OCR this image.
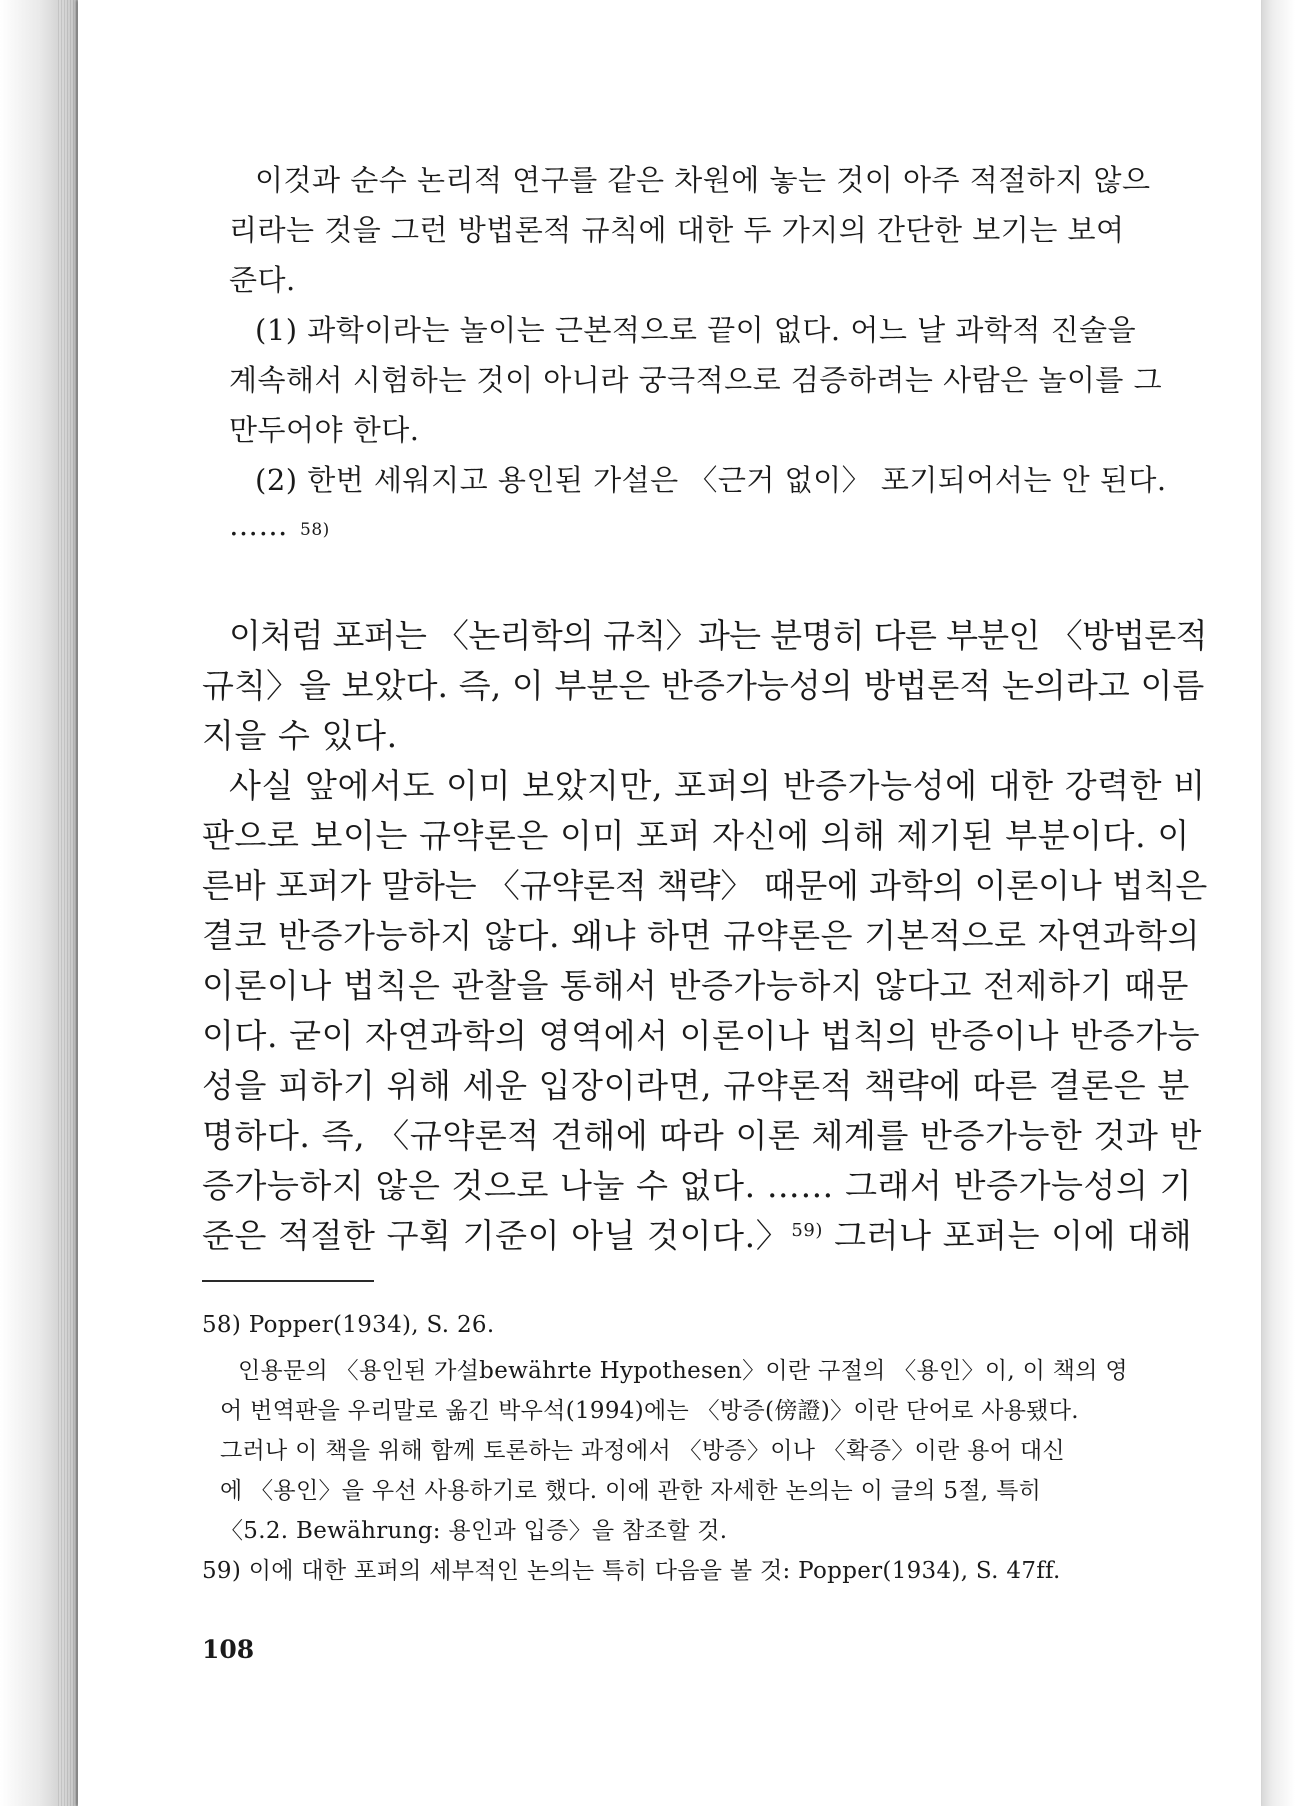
이것과 순수 논리적 연구를 같은 차원에 놓는 것이 아주 적절하지 않으
리라는 것을 그런 방법론적 규칙에 대한 두 가지의 간단한 보기는 보여
준다.
(1) 과학이라는 놀이는 근본적으로 끝이 없다. 어느 날 과학적 진술을
계속해서 시험하는 것이 아니라 궁극적으로 검증하려는 사람은 놀이를 그
만두어야 한다.
(2) 한번 세워지고 용인된 가설은 〈근거 없이〉 포기되어서는 안 된다.
…… 58)
이처럼 포퍼는 〈논리학의 규칙〉과는 분명히 다른 부분인 〈방법론적
규칙〉을 보았다. 즉, 이 부분은 반증가능성의 방법론적 논의라고 이름
지을 수 있다.
사실 앞에서도 이미 보았지만, 포퍼의 반증가능성에 대한 강력한 비
판으로 보이는 규약론은 이미 포퍼 자신에 의해 제기된 부분이다. 이
른바 포퍼가 말하는 〈규약론적 책략〉 때문에 과학의 이론이나 법칙은
결코 반증가능하지 않다. 왜냐 하면 규약론은 기본적으로 자연과학의
이론이나 법칙은 관찰을 통해서 반증가능하지 않다고 전제하기 때문
이다. 굳이 자연과학의 영역에서 이론이나 법칙의 반증이나 반증가능
성을 피하기 위해 세운 입장이라면, 규약론적 책략에 따른 결론은 분
명하다. 즉, 〈규약론적 견해에 따라 이론 체계를 반증가능한 것과 반
증가능하지 않은 것으로 나눌 수 없다. …… 그래서 반증가능성의 기
준은 적절한 구획 기준이 아닐 것이다.〉 $^{59)}$ 그러나 포퍼는 이에 대해
58) Popper(1934), S. 26.
인용문의 〈용인된 가설bewährte Hypothesen〉이란 구절의 〈용인〉이, 이 책의 영
어 번역판을 우리말로 옮긴 박우석(1994)에는 〈방증(傍證)〉이란 단어로 사용됐다.
그러나 이 책을 위해 함께 토론하는 과정에서 〈방증〉이나 〈확증〉이란 용어 대신
에 〈용인〉을 우선 사용하기로 했다. 이에 관한 자세한 논의는 이 글의 5절, 특히
〈5.2. Bewährung: 용인과 입증〉을 참조할 것.
59) 이에 대한 포퍼의 세부적인 논의는 특히 다음을 볼 것: Popper(1934), S. 47ff.
108
